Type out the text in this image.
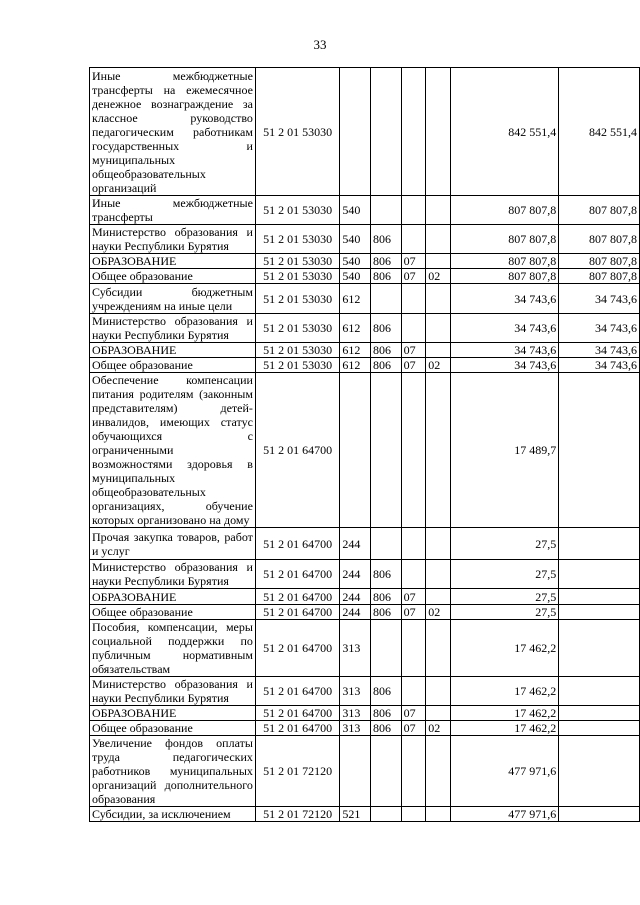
33
Иные межбюджетные трансферты на ежемесячное денежное вознаграждение за классное руководство педагогическим работникам государственных и муниципальных общеобразовательных организаций	51 2 01 53030					842 551,4	842 551,4
Иные межбюджетные трансферты	51 2 01 53030	540				807 807,8	807 807,8
Министерство образования и науки Республики Бурятия	51 2 01 53030	540	806			807 807,8	807 807,8
ОБРАЗОВАНИЕ	51 2 01 53030	540	806	07		807 807,8	807 807,8
Общее образование	51 2 01 53030	540	806	07	02	807 807,8	807 807,8
Субсидии бюджетным учреждениям на иные цели	51 2 01 53030	612				34 743,6	34 743,6
Министерство образования и науки Республики Бурятия	51 2 01 53030	612	806			34 743,6	34 743,6
ОБРАЗОВАНИЕ	51 2 01 53030	612	806	07		34 743,6	34 743,6
Общее образование	51 2 01 53030	612	806	07	02	34 743,6	34 743,6
Обеспечение компенсации питания родителям (законным представителям) детей-инвалидов, имеющих статус обучающихся с ограниченными возможностями здоровья в муниципальных общеобразовательных организациях, обучение которых организовано на дому	51 2 01 64700					17 489,7	
Прочая закупка товаров, работ и услуг	51 2 01 64700	244				27,5	
Министерство образования и науки Республики Бурятия	51 2 01 64700	244	806			27,5	
ОБРАЗОВАНИЕ	51 2 01 64700	244	806	07		27,5	
Общее образование	51 2 01 64700	244	806	07	02	27,5	
Пособия, компенсации, меры социальной поддержки по публичным нормативным обязательствам	51 2 01 64700	313				17 462,2	
Министерство образования и науки Республики Бурятия	51 2 01 64700	313	806			17 462,2	
ОБРАЗОВАНИЕ	51 2 01 64700	313	806	07		17 462,2	
Общее образование	51 2 01 64700	313	806	07	02	17 462,2	
Увеличение фондов оплаты труда педагогических работников муниципальных организаций дополнительного образования	51 2 01 72120					477 971,6	
Субсидии, за исключением	51 2 01 72120	521				477 971,6	
